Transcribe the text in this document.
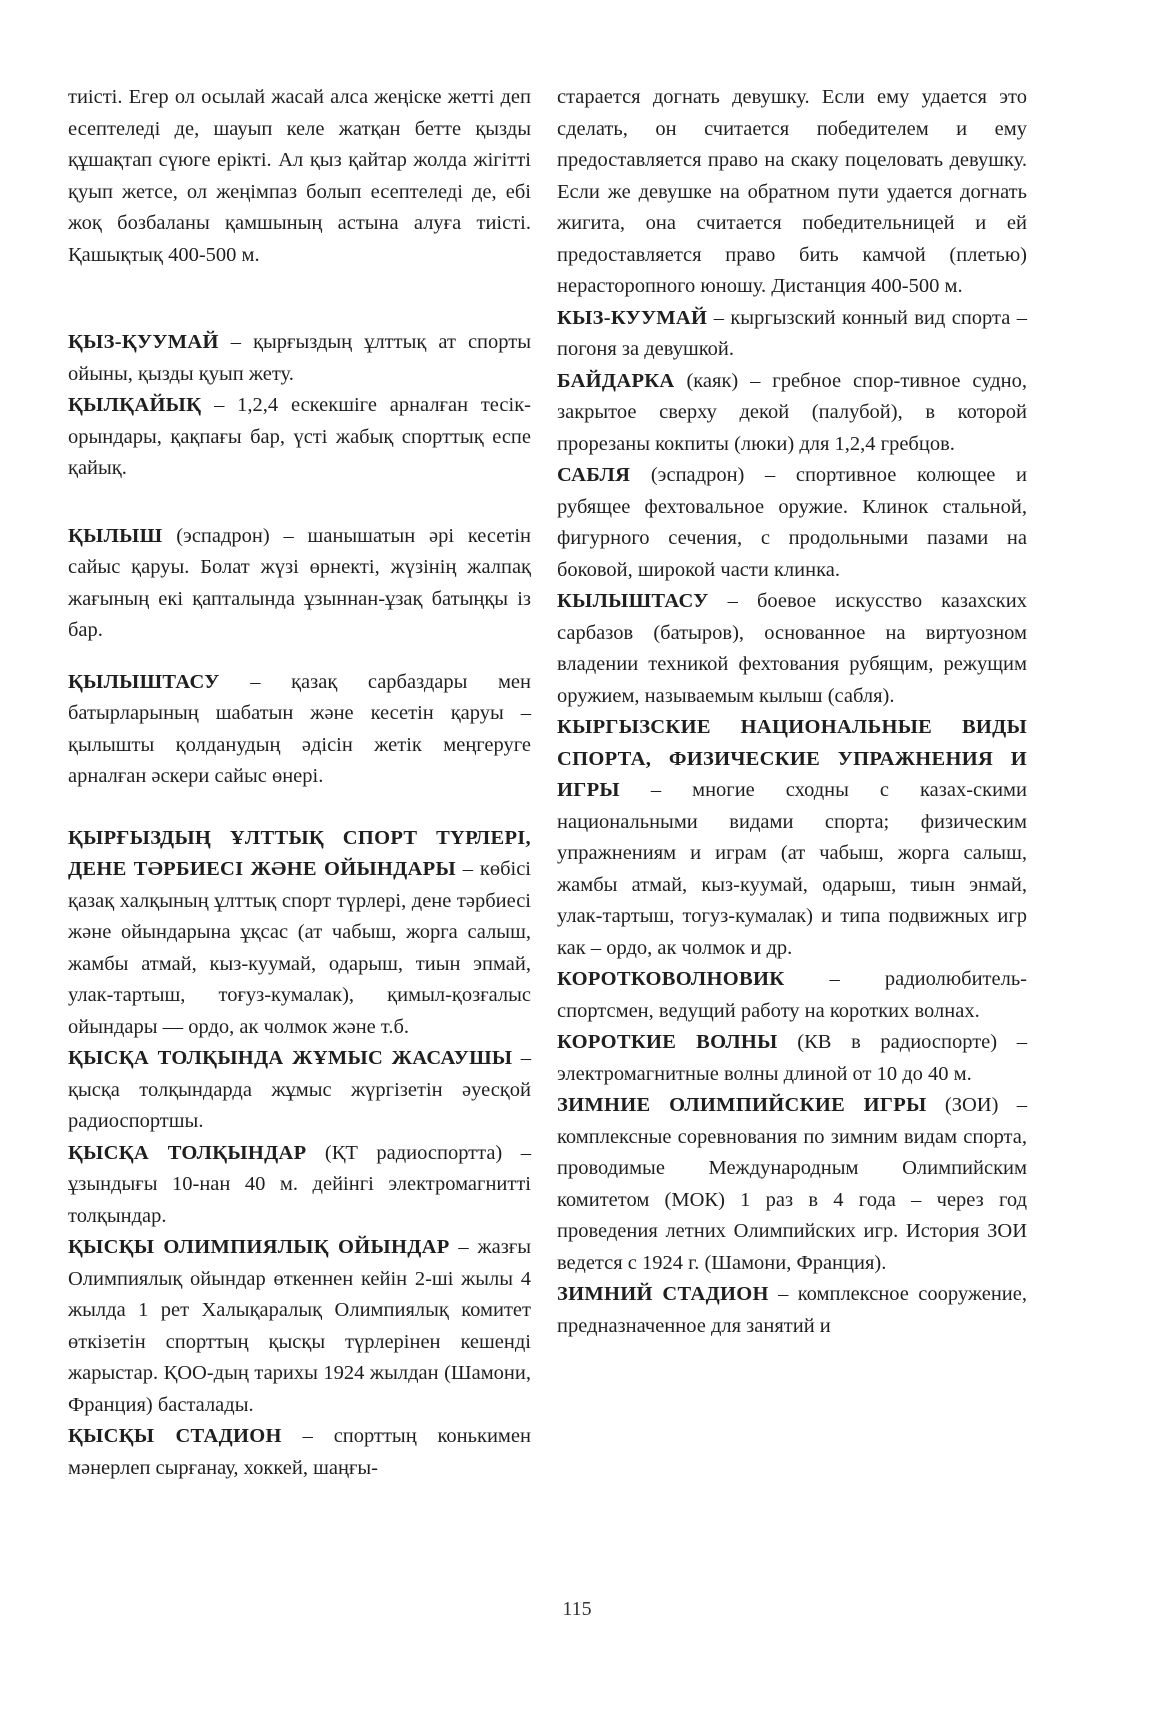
тиісті. Егер ол осылай жасай алса жеңіске жетті деп есептеледі де, шауып келе жатқан бетте қызды құшақтап сүюге ерікті. Ал қыз қайтар жолда жігітті қуып жетсе, ол жеңімпаз болып есептеледі де, ебі жоқ бозбаланы қамшының астына алуға тиісті. Қашықтық 400-500 м.

ҚЫЗ-ҚУУМАЙ – қырғыздың ұлттық ат спорты ойыны, қызды қуып жету.

ҚЫЛҚАЙЫҚ – 1,2,4 ескекшіге арналған тесік-орындары, қақпағы бар, үсті жабық спорттық еспе қайық.

ҚЫЛЫШ (эспадрон) – шанышатын әрі кесетін сайыс қаруы. Болат жүзі өрнекті, жүзінің жалпақ жағының екі қапталында ұзыннан-ұзақ батыңқы із бар.

ҚЫЛЫШТАСУ – қазақ сарбаздары мен батырларының шабатын және кесетін қаруы – қылышты қолданудың әдісін жетік меңгеруге арналған әскери сайыс өнері.

ҚЫРҒЫЗДЫҢ ҰЛТТЫҚ СПОРТ ТҮРЛЕРІ, ДЕНЕ ТӘРБИЕСІ ЖӘНЕ ОЙЫНДАРЫ – көбісі қазақ халқының ұлттық спорт түрлері, дене тәрбиесі және ойындарына ұқсас (ат чабыш, жорга салыш, жамбы атмай, кыз-куумай, одарыш, тиын эпмай, улак-тартыш, тоғуз-кумалак), қимыл-қозғалыс ойындары — ордо, ак чолмок және т.б.

ҚЫСҚА ТОЛҚЫНДА ЖҰМЫС ЖАСАУШЫ – қысқа толқындарда жұмыс жүргізетін әуесқой радиоспортшы.

ҚЫСҚА ТОЛҚЫНДАР (ҚТ радиоспортта) – ұзындығы 10-нан 40 м. дейінгі электромагнитті толқындар.

ҚЫСҚЫ ОЛИМПИЯЛЫҚ ОЙЫНДАР – жазғы Олимпиялық ойындар өткеннен кейін 2-ші жылы 4 жылда 1 рет Халықаралық Олимпиялық комитет өткізетін спорттың қысқы түрлерінен кешенді жарыстар. ҚОО-дың тарихы 1924 жылдан (Шамони, Франция) басталады.

ҚЫСҚЫ СТАДИОН – спорттың конькимен мәнерлеп сырғанау, хоккей, шаңғы-

старается догнать девушку. Если ему удается это сделать, он считается победителем и ему предоставляется право на скаку поцеловать девушку. Если же девушке на обратном пути удается догнать жигита, она считается победительницей и ей предоставляется право бить камчой (плетью) нерасторопного юношу. Дистанция 400-500 м.

КЫЗ-КУУМАЙ – кыргызский конный вид спорта – погоня за девушкой.

БАЙДАРКА (каяк) – гребное спор-тивное судно, закрытое сверху декой (палубой), в которой прорезаны кокпиты (люки) для 1,2,4 гребцов.

САБЛЯ (эспадрон) – спортивное колющее и рубящее фехтовальное оружие. Клинок стальной, фигурного сечения, с продольными пазами на боковой, широкой части клинка.

КЫЛЫШТАСУ – боевое искусство казахских сарбазов (батыров), основанное на виртуозном владении техникой фехтования рубящим, режущим оружием, называемым кылыш (сабля).

КЫРГЫЗСКИЕ НАЦИОНАЛЬНЫЕ ВИДЫ СПОРТА, ФИЗИЧЕСКИЕ УПРАЖНЕНИЯ И ИГРЫ – многие сходны с казах-скими национальными видами спорта; физическим упражнениям и играм (ат чабыш, жорга салыш, жамбы атмай, кыз-куумай, одарыш, тиын энмай, улак-тартыш, тогуз-кумалак) и типа подвижных игр как – ордо, ак чолмок и др.

КОРОТКОВОЛНОВИК – радиолюбитель-спортсмен, ведущий работу на коротких волнах.

КОРОТКИЕ ВОЛНЫ (КВ в радиоспорте) – электромагнитные волны длиной от 10 до 40 м.

ЗИМНИЕ ОЛИМПИЙСКИЕ ИГРЫ (ЗОИ) – комплексные соревнования по зимним видам спорта, проводимые Международным Олимпийским комитетом (МОК) 1 раз в 4 года – через год проведения летних Олимпийских игр. История ЗОИ ведется с 1924 г. (Шамони, Франция).

ЗИМНИЙ СТАДИОН – комплексное сооружение, предназначенное для занятий и

115
